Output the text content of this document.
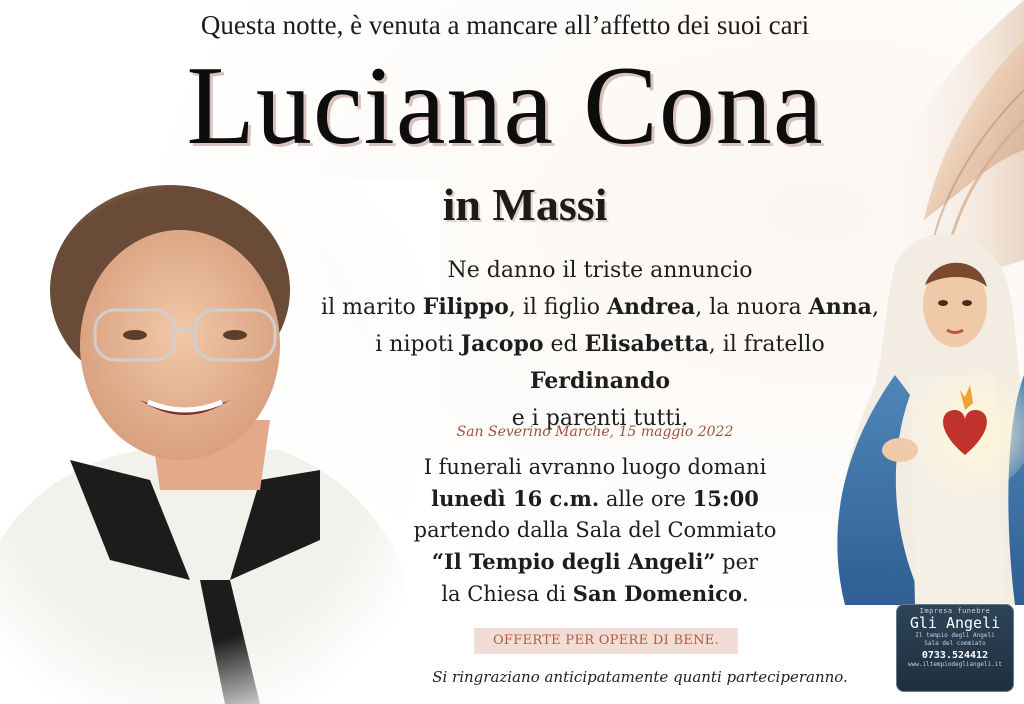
Questa notte, è venuta a mancare all’affetto dei suoi cari
Luciana Cona
in Massi
Ne danno il triste annuncio
il marito Filippo, il figlio Andrea, la nuora Anna,
i nipoti Jacopo ed Elisabetta, il fratello Ferdinando
e i parenti tutti.
San Severino Marche, 15 maggio 2022
I funerali avranno luogo domani
lunedì 16 c.m. alle ore 15:00
partendo dalla Sala del Commiato
“Il Tempio degli Angeli” per
la Chiesa di San Domenico.
OFFERTE PER OPERE DI BENE.
Si ringraziano anticipatamente quanti parteciperanno.
Impresa funebre
Gli Angeli
Il tempio degli Angeli
Sala del commiato
0733.524412
www.iltempiodegliangeli.it
